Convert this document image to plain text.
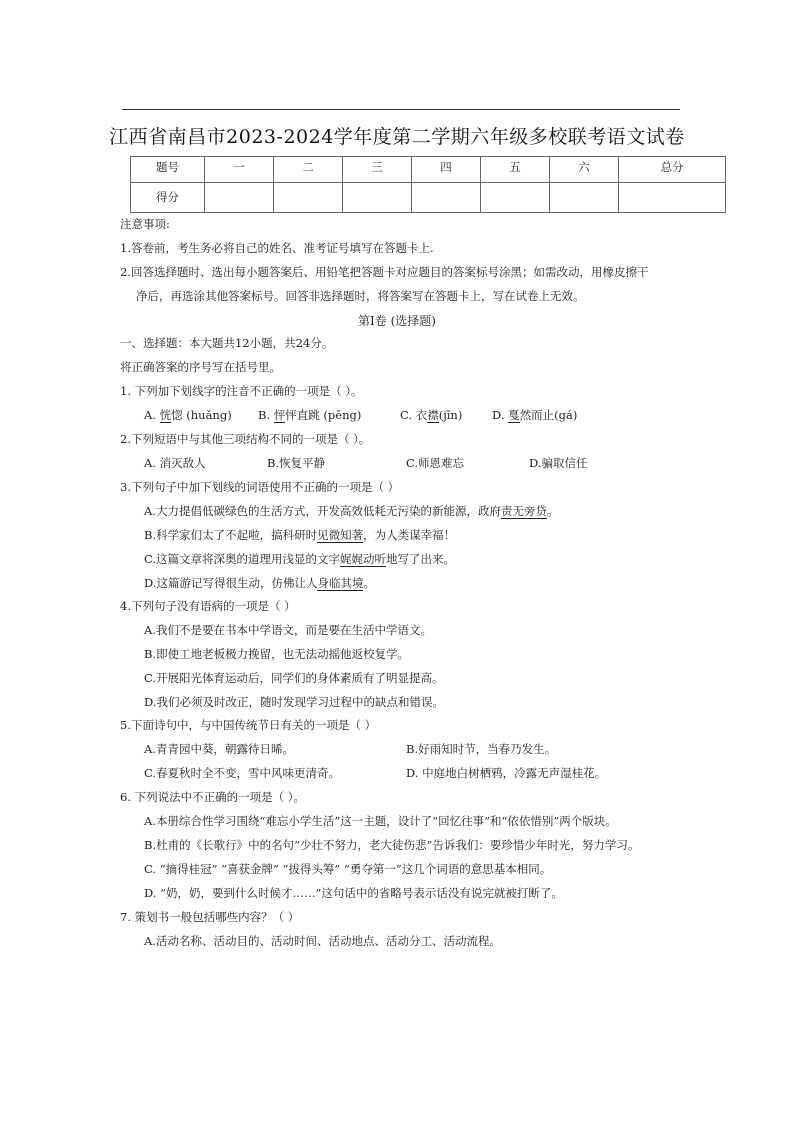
江西省南昌市2023-2024学年度第二学期六年级多校联考语文试卷
题号	一	二	三	四	五	六	总分
得分							
注意事项:
1.答卷前，考生务必将自己的姓名、准考证号填写在答题卡上.
2.回答选择题时、选出每小题答案后、用铅笔把答题卡对应题目的答案标号涂黑；如需改动，用橡皮擦干
净后，再选涂其他答案标号。回答非选择题时，将答案写在答题卡上，写在试卷上无效。
第Ⅰ卷 (选择题)
一、选择题：本大题共12小题，共24分。
将正确答案的序号写在括号里。
1. 下列加下划线字的注音不正确的一项是（ ）。
A. 恍惚 (huǎng) B. 怦怦直跳 (pēng)	C. 衣襟(jīn)	D. 戛然而止(gá)
2.下列短语中与其他三项结构不同的一项是（ ）。
A. 消灭敌人	B.恢复平静	C.师恩难忘	D.骗取信任
3.下列句子中加下划线的词语使用不正确的一项是（ ）
A.大力提倡低碳绿色的生活方式，开发高效低耗无污染的新能源，政府责无旁贷。
B.科学家们太了不起啦，搞科研时见微知著，为人类谋幸福！
C.这篇文章将深奥的道理用浅显的文字娓娓动听地写了出来。
D.这篇游记写得很生动，仿佛让人身临其境。
4.下列句子没有语病的一项是（ ）
A.我们不是要在书本中学语文，而是要在生活中学语文。
B.即使工地老板极力挽留，也无法动摇他返校复学。
C.开展阳光体育运动后，同学们的身体素质有了明显提高。
D.我们必须及时改正，随时发现学习过程中的缺点和错误。
5.下面诗句中，与中国传统节日有关的一项是（ ）
A.青青园中葵，朝露待日晞。	B.好雨知时节，当春乃发生。
C.春夏秋时全不变，雪中风味更清奇。	D. 中庭地白树栖鸦，冷露无声湿桂花。
6. 下列说法中不正确的一项是（ ）。
A.本册综合性学习围绕“难忘小学生活”这一主题，设计了“回忆往事”和“依依惜别”两个版块。
B.杜甫的《长歌行》中的名句“少壮不努力，老大徒伤悲”告诉我们：要珍惜少年时光，努力学习。
C. “摘得桂冠” “喜获金牌” “拔得头筹” “勇夺第一”这几个词语的意思基本相同。
D. “奶，奶，要到什么时候才……”这句话中的省略号表示话没有说完就被打断了。
7. 策划书一般包括哪些内容？（ ）
A.活动名称、活动目的、活动时间、活动地点、活动分工、活动流程。
